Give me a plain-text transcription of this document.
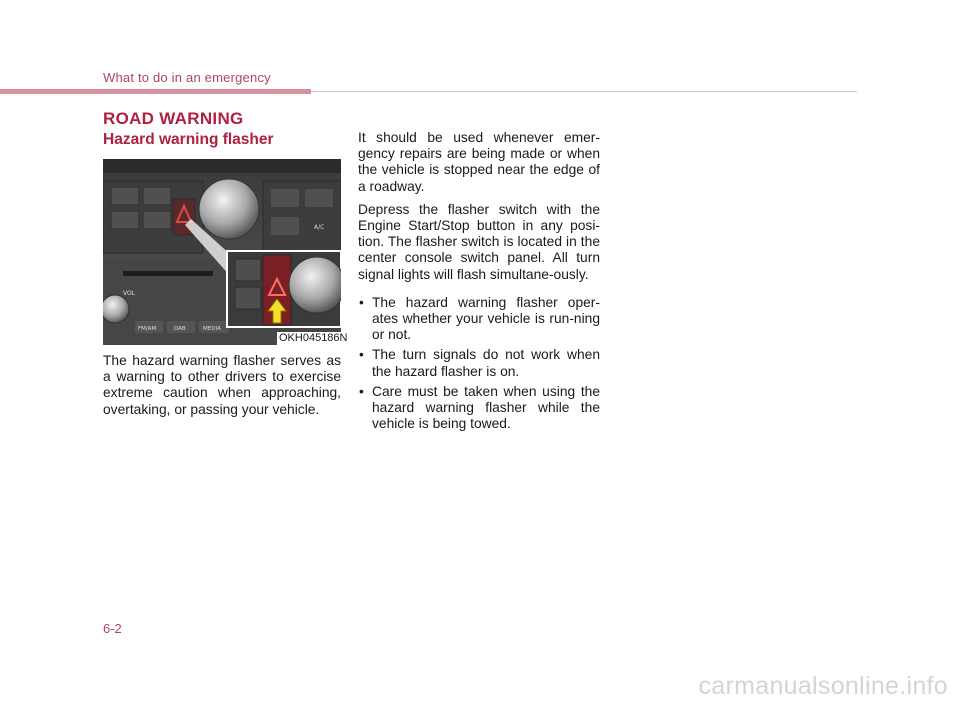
What to do in an emergency
ROAD WARNING
Hazard warning flasher
A/C
VOL
FM/AM	DAB	MEDIA
OKH045186N
The hazard warning flasher serves as a warning to other drivers to exercise extreme caution when approaching, overtaking, or passing your vehicle.

It should be used whenever emer-gency repairs are being made or when the vehicle is stopped near the edge of a roadway.

Depress the flasher switch with the Engine Start/Stop button in any posi-tion. The flasher switch is located in the center console switch panel. All turn signal lights will flash simultane-ously.

• The hazard warning flasher oper-ates whether your vehicle is run-ning or not.
• The turn signals do not work when the hazard flasher is on.
• Care must be taken when using the hazard warning flasher while the vehicle is being towed.
6-2
carmanualsonline.info
